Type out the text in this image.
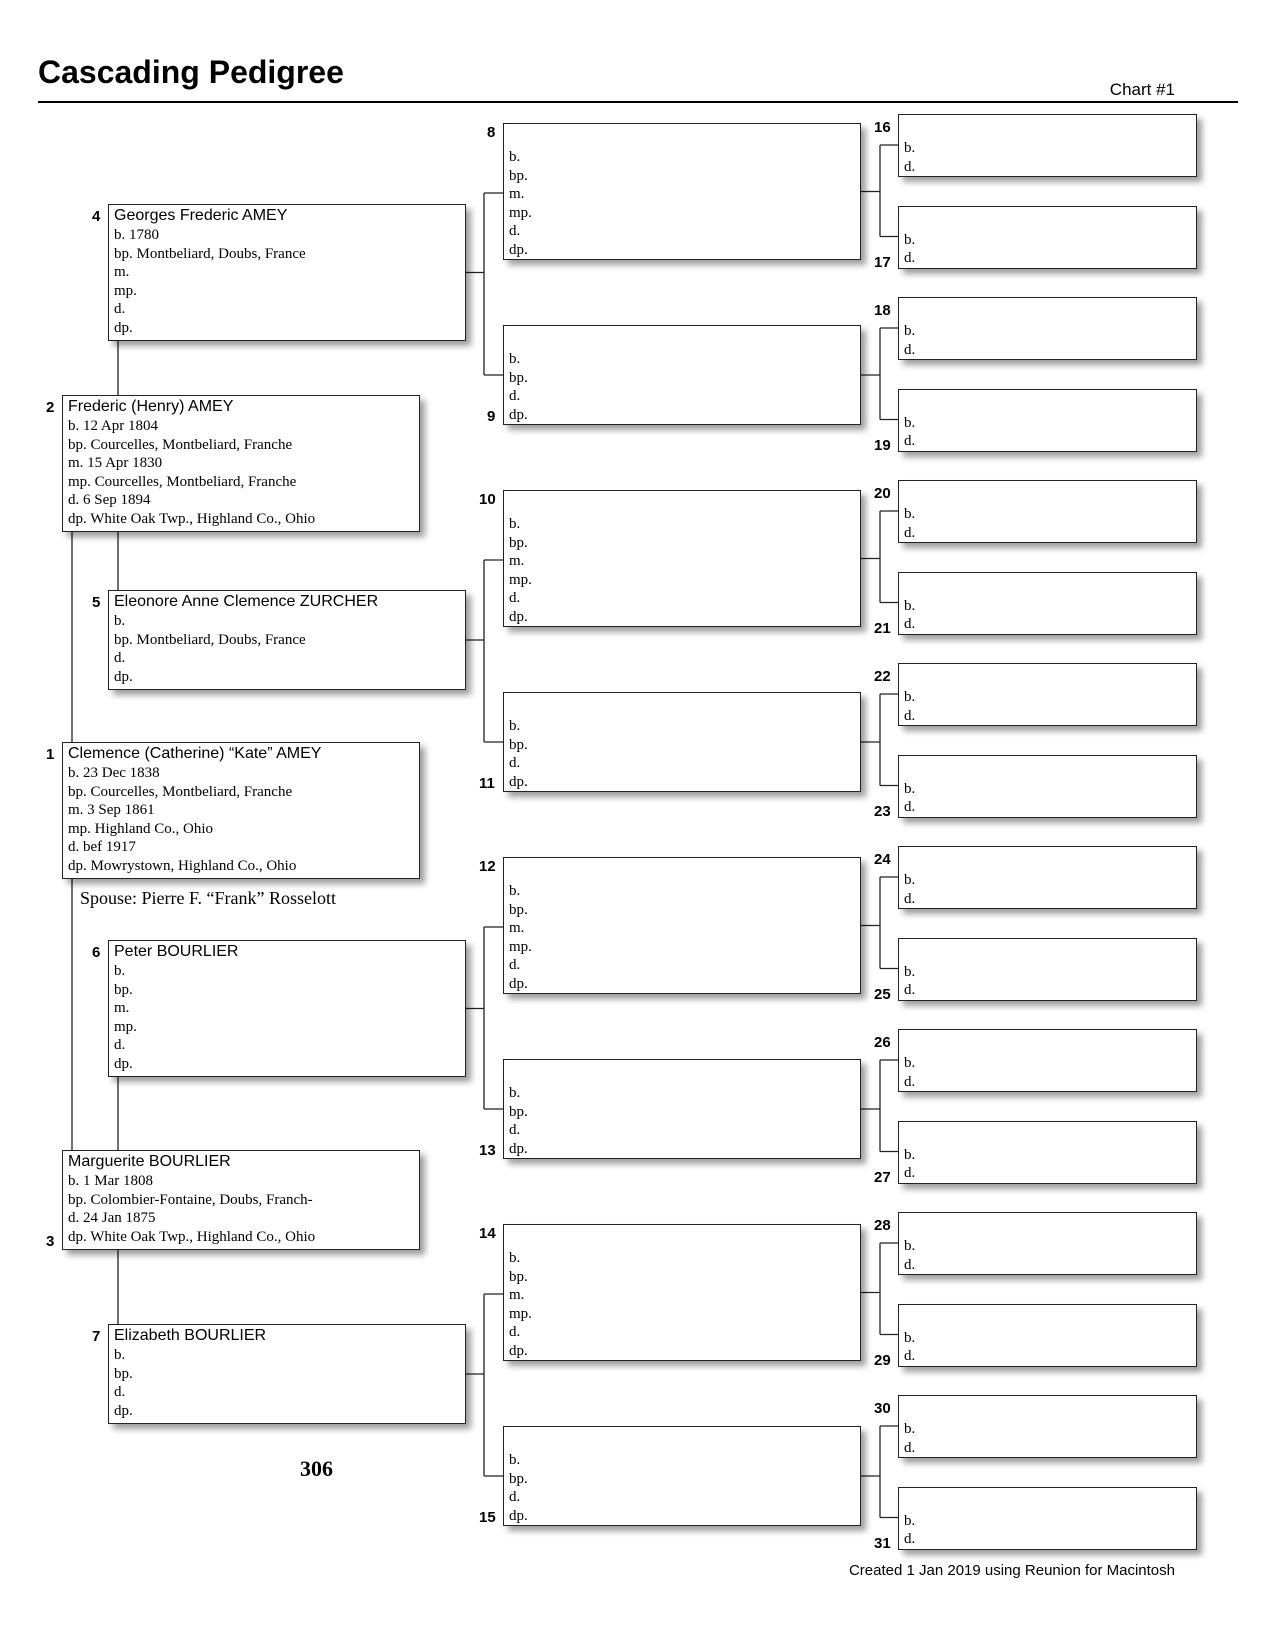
Cascading Pedigree	Chart #1
Clemence (Catherine) “Kate” AMEY
b. 23 Dec 1838
bp. Courcelles, Montbeliard, Franche
m. 3 Sep 1861
mp. Highland Co., Ohio
d. bef 1917
dp. Mowrystown, Highland Co., Ohio
1
Frederic (Henry) AMEY
b. 12 Apr 1804
bp. Courcelles, Montbeliard, Franche
m. 15 Apr 1830
mp. Courcelles, Montbeliard, Franche
d. 6 Sep 1894
dp. White Oak Twp., Highland Co., Ohio
2
Marguerite BOURLIER
b. 1 Mar 1808
bp. Colombier-Fontaine, Doubs, Franch-
d. 24 Jan 1875
dp. White Oak Twp., Highland Co., Ohio
3
Georges Frederic AMEY
b. 1780
bp. Montbeliard, Doubs, France
m.
mp.
d.
dp.
4
Eleonore Anne Clemence ZURCHER
b.
bp. Montbeliard, Doubs, France
d.
dp.
5
Peter BOURLIER
b.
bp.
m.
mp.
d.
dp.
6
Elizabeth BOURLIER
b.
bp.
d.
dp.
7
b.
bp.
m.
mp.
d.
dp.
8
b.
bp.
d.
dp.
9
b.
bp.
m.
mp.
d.
dp.
10
b.
bp.
d.
dp.
11
b.
bp.
m.
mp.
d.
dp.
12
b.
bp.
d.
dp.
13
b.
bp.
m.
mp.
d.
dp.
14
b.
bp.
d.
dp.
15
b.
d.
16
b.
d.
17
b.
d.
18
b.
d.
19
b.
d.
20
b.
d.
21
b.
d.
22
b.
d.
23
b.
d.
24
b.
d.
25
b.
d.
26
b.
d.
27
b.
d.
28
b.
d.
29
b.
d.
30
b.
d.
31
Spouse: Pierre F. “Frank” Rosselott
306
Created 1 Jan 2019 using Reunion for Macintosh
